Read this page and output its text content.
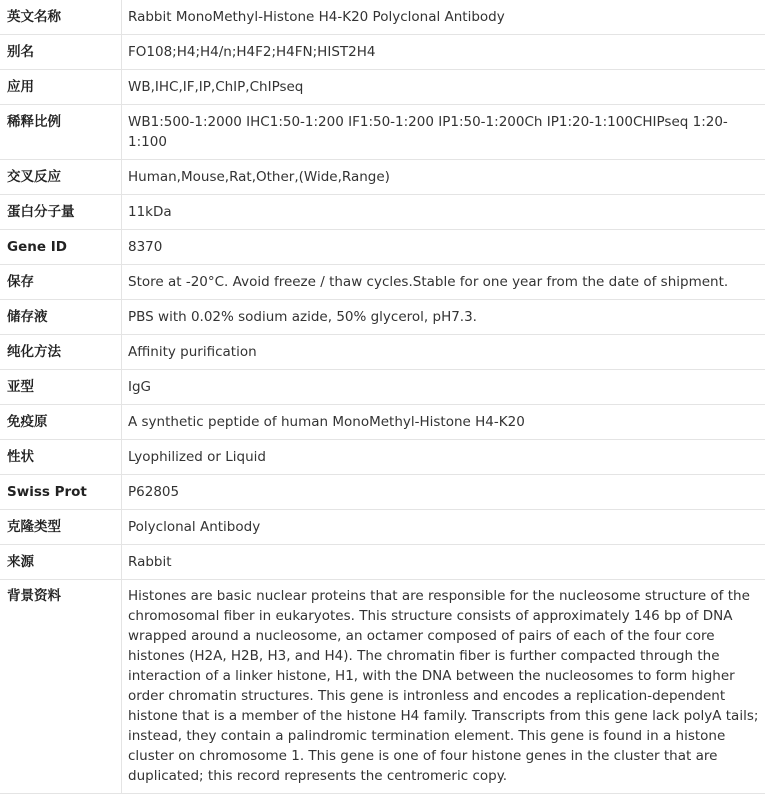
英文名称	Rabbit MonoMethyl-Histone H4-K20 Polyclonal Antibody
别名	FO108;H4;H4/n;H4F2;H4FN;HIST2H4
应用	WB,IHC,IF,IP,ChIP,ChIPseq
稀释比例	WB1:500-1:2000 IHC1:50-1:200 IF1:50-1:200 IP1:50-1:200Ch IP1:20-1:100CHIPseq 1:20-1:100
交叉反应	Human,Mouse,Rat,Other,(Wide,Range)
蛋白分子量	11kDa
Gene ID	8370
保存	Store at -20°C. Avoid freeze / thaw cycles.Stable for one year from the date of shipment.
储存液	PBS with 0.02% sodium azide, 50% glycerol, pH7.3.
纯化方法	Affinity purification
亚型	IgG
免疫原	A synthetic peptide of human MonoMethyl-Histone H4-K20
性状	Lyophilized or Liquid
Swiss Prot	P62805
克隆类型	Polyclonal Antibody
来源	Rabbit
背景资料	Histones are basic nuclear proteins that are responsible for the nucleosome structure of the chromosomal fiber in eukaryotes. This structure consists of approximately 146 bp of DNA wrapped around a nucleosome, an octamer composed of pairs of each of the four core histones (H2A, H2B, H3, and H4). The chromatin fiber is further compacted through the interaction of a linker histone, H1, with the DNA between the nucleosomes to form higher order chromatin structures. This gene is intronless and encodes a replication-dependent histone that is a member of the histone H4 family. Transcripts from this gene lack polyA tails; instead, they contain a palindromic termination element. This gene is found in a histone cluster on chromosome 1. This gene is one of four histone genes in the cluster that are duplicated; this record represents the centromeric copy.
